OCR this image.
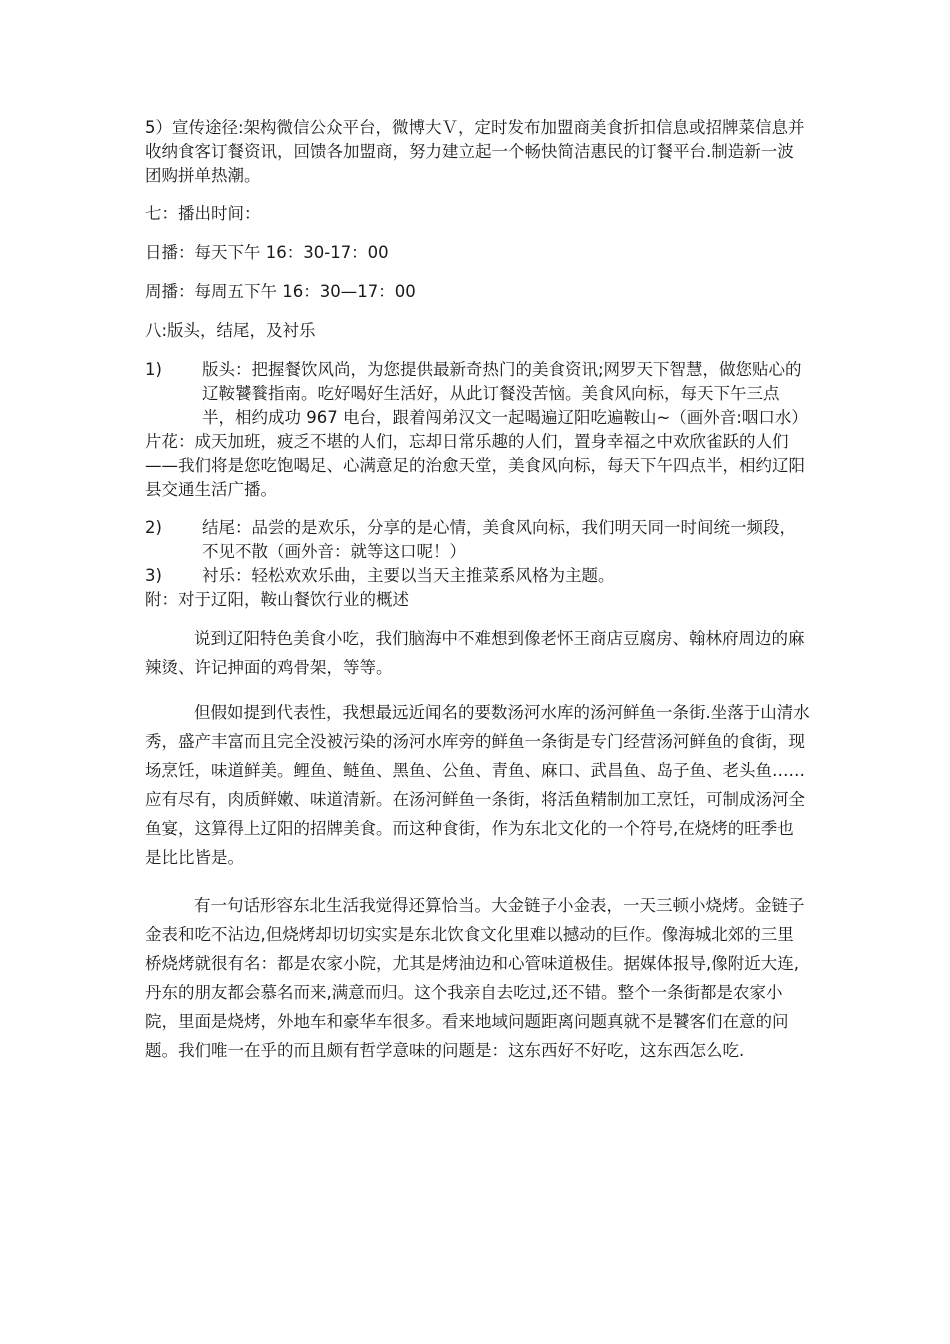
5）宣传途径:架构微信公众平台，微博大Ｖ，定时发布加盟商美食折扣信息或招牌菜信息并收纳食客订餐资讯，回馈各加盟商，努力建立起一个畅快简洁惠民的订餐平台.制造新一波团购拼单热潮。

七：播出时间：

日播：每天下午 16：30-17：00

周播：每周五下午 16：30—17：00

八:版头，结尾，及衬乐

1)	版头：把握餐饮风尚，为您提供最新奇热门的美食资讯;网罗天下智慧，做您贴心的辽鞍饕餮指南。吃好喝好生活好，从此订餐没苦恼。美食风向标，每天下午三点半，相约成功 967 电台，跟着闯弟汉文一起喝遍辽阳吃遍鞍山~（画外音:咽口水）

片花：成天加班，疲乏不堪的人们，忘却日常乐趣的人们，置身幸福之中欢欣雀跃的人们——我们将是您吃饱喝足、心满意足的治愈天堂，美食风向标，每天下午四点半，相约辽阳县交通生活广播。

2)	结尾：品尝的是欢乐，分享的是心情，美食风向标，我们明天同一时间统一频段，不见不散（画外音：就等这口呢！）
3)	衬乐：轻松欢欢乐曲，主要以当天主推菜系风格为主题。

附：对于辽阳，鞍山餐饮行业的概述

说到辽阳特色美食小吃，我们脑海中不难想到像老怀王商店豆腐房、翰林府周边的麻辣烫、许记抻面的鸡骨架，等等。

但假如提到代表性，我想最远近闻名的要数汤河水库的汤河鲜鱼一条街.坐落于山清水秀，盛产丰富而且完全没被污染的汤河水库旁的鲜鱼一条街是专门经营汤河鲜鱼的食街，现场烹饪，味道鲜美。鲤鱼、鲢鱼、黑鱼、公鱼、青鱼、麻口、武昌鱼、岛子鱼、老头鱼……应有尽有，肉质鲜嫩、味道清新。在汤河鲜鱼一条街，将活鱼精制加工烹饪，可制成汤河全鱼宴，这算得上辽阳的招牌美食。而这种食街，作为东北文化的一个符号,在烧烤的旺季也是比比皆是。

有一句话形容东北生活我觉得还算恰当。大金链子小金表，一天三顿小烧烤。金链子金表和吃不沾边,但烧烤却切切实实是东北饮食文化里难以撼动的巨作。像海城北郊的三里桥烧烤就很有名：都是农家小院，尤其是烤油边和心管味道极佳。据媒体报导,像附近大连,丹东的朋友都会慕名而来,满意而归。这个我亲自去吃过,还不错。整个一条街都是农家小院，里面是烧烤，外地车和豪华车很多。看来地域问题距离问题真就不是饕客们在意的问题。我们唯一在乎的而且颇有哲学意味的问题是：这东西好不好吃，这东西怎么吃.
